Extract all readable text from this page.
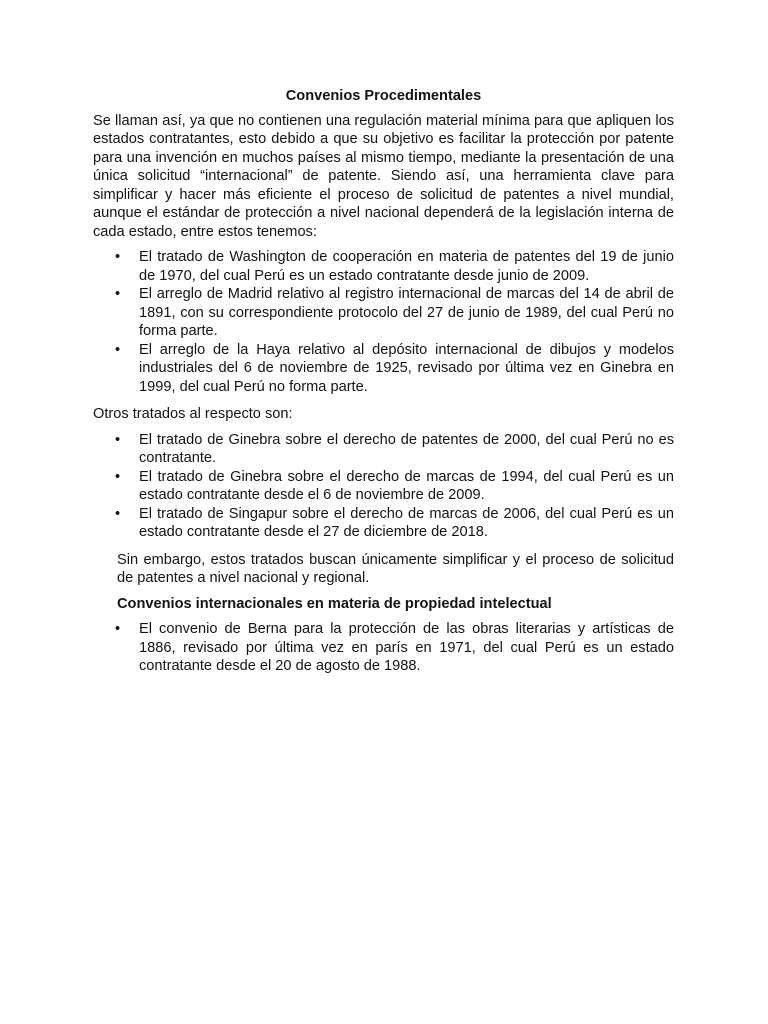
Convenios Procedimentales

Se llaman así, ya que no contienen una regulación material mínima para que apliquen los estados contratantes, esto debido a que su objetivo es facilitar la protección por patente para una invención en muchos países al mismo tiempo, mediante la presentación de una única solicitud “internacional” de patente. Siendo así, una herramienta clave para simplificar y hacer más eficiente el proceso de solicitud de patentes a nivel mundial, aunque el estándar de protección a nivel nacional dependerá de la legislación interna de cada estado, entre estos tenemos:

• El tratado de Washington de cooperación en materia de patentes del 19 de junio de 1970, del cual Perú es un estado contratante desde junio de 2009.
• El arreglo de Madrid relativo al registro internacional de marcas del 14 de abril de 1891, con su correspondiente protocolo del 27 de junio de 1989, del cual Perú no forma parte.
• El arreglo de la Haya relativo al depósito internacional de dibujos y modelos industriales del 6 de noviembre de 1925, revisado por última vez en Ginebra en 1999, del cual Perú no forma parte.

Otros tratados al respecto son:

• El tratado de Ginebra sobre el derecho de patentes de 2000, del cual Perú no es contratante.
• El tratado de Ginebra sobre el derecho de marcas de 1994, del cual Perú es un estado contratante desde el 6 de noviembre de 2009.
• El tratado de Singapur sobre el derecho de marcas de 2006, del cual Perú es un estado contratante desde el 27 de diciembre de 2018.

Sin embargo, estos tratados buscan únicamente simplificar y el proceso de solicitud de patentes a nivel nacional y regional.

Convenios internacionales en materia de propiedad intelectual
• El convenio de Berna para la protección de las obras literarias y artísticas de 1886, revisado por última vez en parís en 1971, del cual Perú es un estado contratante desde el 20 de agosto de 1988.
